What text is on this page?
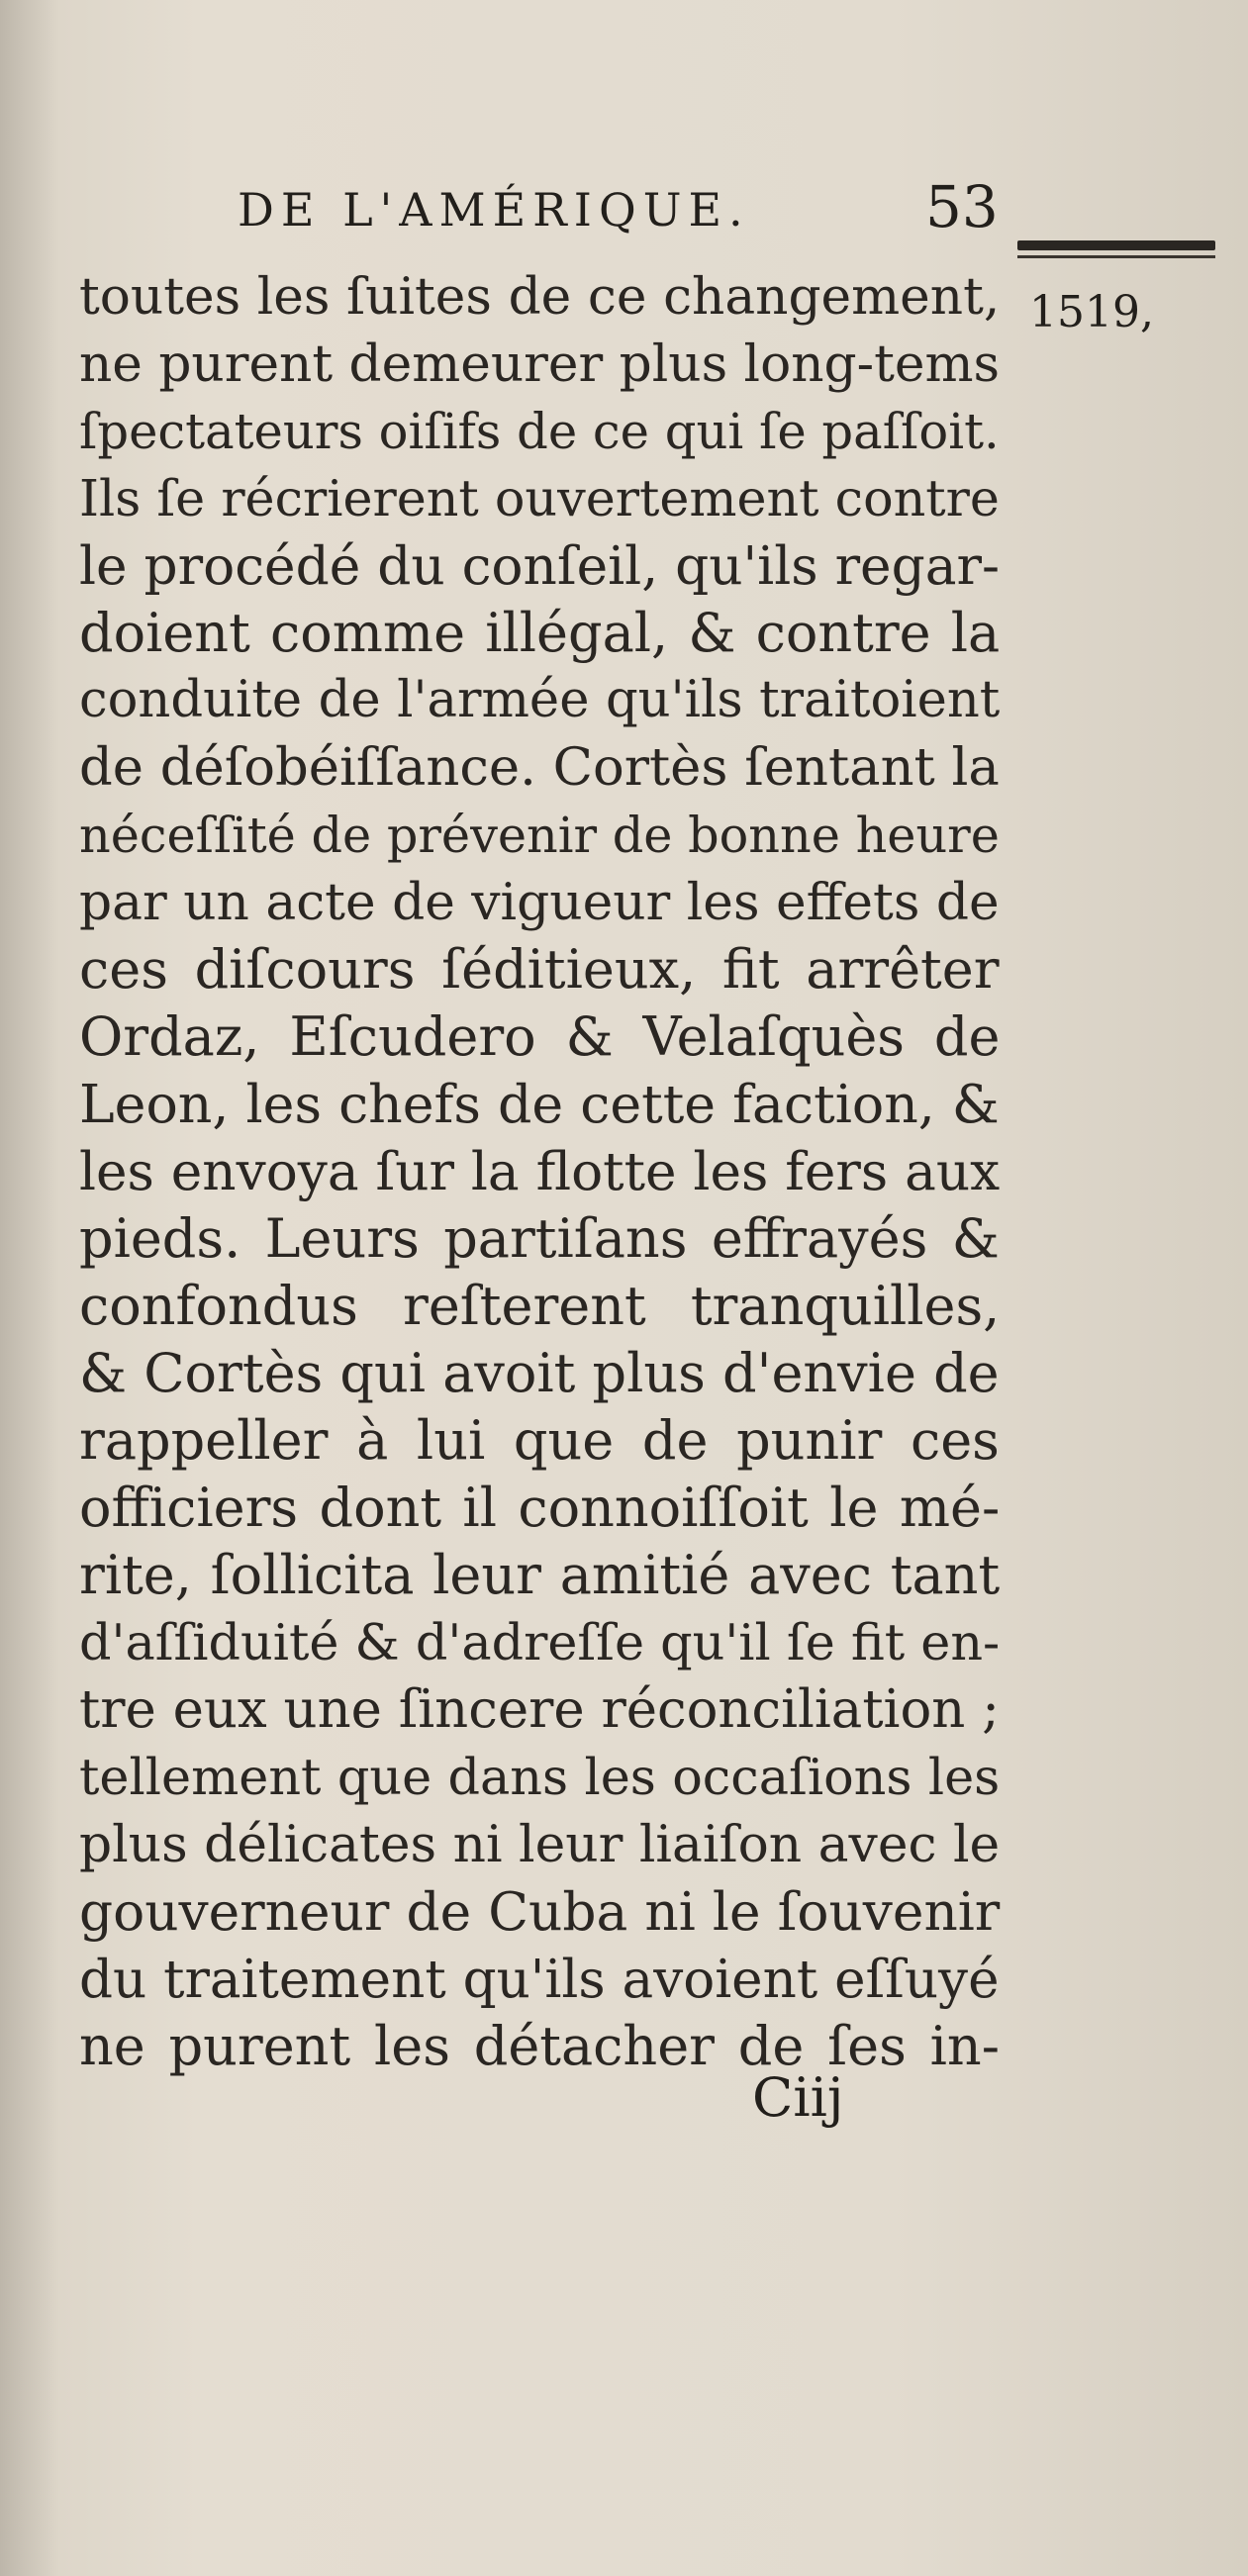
DE L'AMÉRIQUE.	53
1519,
toutes les ſuites de ce changement,
ne purent demeurer plus long-tems
ſpectateurs oiſifs de ce qui ſe paſſoit.
Ils ſe récrierent ouvertement contre
le procédé du conſeil, qu'ils regar-
doient comme illégal, & contre la
conduite de l'armée qu'ils traitoient
de déſobéiſſance. Cortès ſentant la
néceſſité de prévenir de bonne heure
par un acte de vigueur les effets de
ces diſcours ſéditieux, fit arrêter
Ordaz, Eſcudero & Velaſquès de
Leon, les chefs de cette faction, &
les envoya ſur la flotte les fers aux
pieds. Leurs partiſans effrayés &
confondus reſterent tranquilles,
& Cortès qui avoit plus d'envie de
rappeller à lui que de punir ces
officiers dont il connoiſſoit le mé-
rite, ſollicita leur amitié avec tant
d'aſſiduité & d'adreſſe qu'il ſe fit en-
tre eux une ſincere réconciliation ;
tellement que dans les occaſions les
plus délicates ni leur liaiſon avec le
gouverneur de Cuba ni le ſouvenir
du traitement qu'ils avoient eſſuyé
ne purent les détacher de ſes in-
Ciij
